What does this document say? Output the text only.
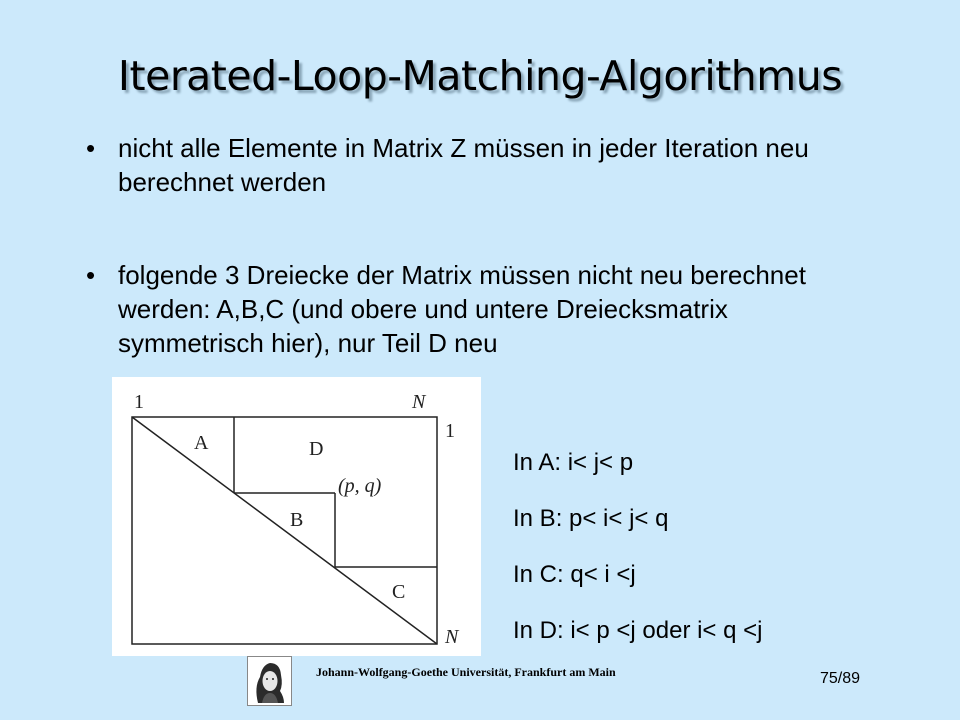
Iterated-Loop-Matching-Algorithmus
• nicht alle Elemente in Matrix Z müssen in jeder Iteration neu berechnet werden
• folgende 3 Dreiecke der Matrix müssen nicht neu berechnet werden: A,B,C (und obere und untere Dreiecksmatrix symmetrisch hier), nur Teil D neu
1	N
1
N
A	D
(p, q)
B
C
In A: i< j< p
In B: p< i< j< q
In C: q< i <j
In D: i< p <j oder i< q <j
Johann-Wolfgang-Goethe Universität, Frankfurt am Main	75/89
